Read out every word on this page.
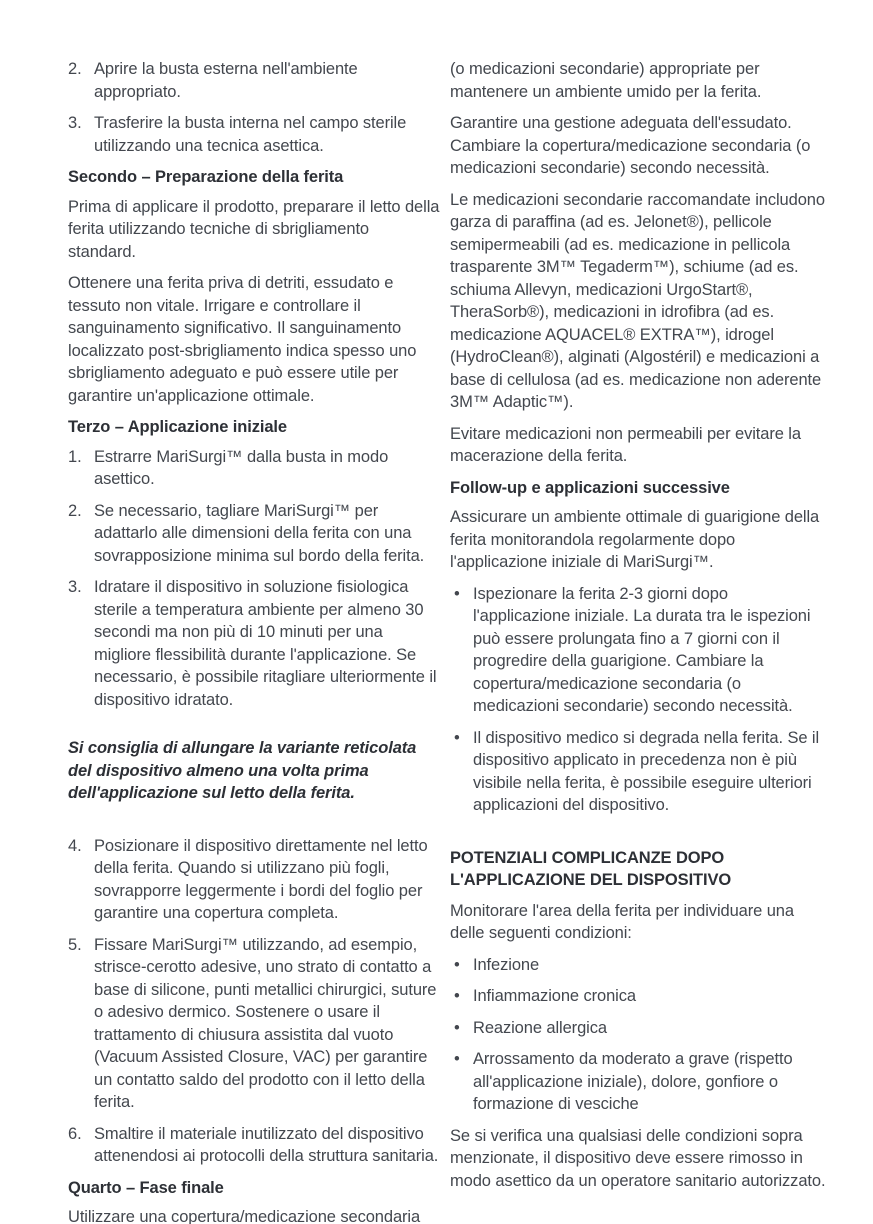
2. Aprire la busta esterna nell'ambiente appropriato.
3. Trasferire la busta interna nel campo sterile utilizzando una tecnica asettica.
Secondo – Preparazione della ferita

Prima di applicare il prodotto, preparare il letto della ferita utilizzando tecniche di sbrigliamento standard.

Ottenere una ferita priva di detriti, essudato e tessuto non vitale. Irrigare e controllare il sanguinamento significativo. Il sanguinamento localizzato post-sbrigliamento indica spesso uno sbrigliamento adeguato e può essere utile per garantire un'applicazione ottimale.

Terzo – Applicazione iniziale
1. Estrarre MariSurgi™ dalla busta in modo asettico.
2. Se necessario, tagliare MariSurgi™ per adattarlo alle dimensioni della ferita con una sovrapposizione minima sul bordo della ferita.
3. Idratare il dispositivo in soluzione fisiologica sterile a temperatura ambiente per almeno 30 secondi ma non più di 10 minuti per una migliore flessibilità durante l'applicazione. Se necessario, è possibile ritagliare ulteriormente il dispositivo idratato.

Si consiglia di allungare la variante reticolata del dispositivo almeno una volta prima dell'applicazione sul letto della ferita.

4. Posizionare il dispositivo direttamente nel letto della ferita. Quando si utilizzano più fogli, sovrapporre leggermente i bordi del foglio per garantire una copertura completa.
5. Fissare MariSurgi™ utilizzando, ad esempio, strisce-cerotto adesive, uno strato di contatto a base di silicone, punti metallici chirurgici, suture o adesivo dermico. Sostenere o usare il trattamento di chiusura assistita dal vuoto (Vacuum Assisted Closure, VAC) per garantire un contatto saldo del prodotto con il letto della ferita.
6. Smaltire il materiale inutilizzato del dispositivo attenendosi ai protocolli della struttura sanitaria.
Quarto – Fase finale

Utilizzare una copertura/medicazione secondaria

(o medicazioni secondarie) appropriate per mantenere un ambiente umido per la ferita.

Garantire una gestione adeguata dell'essudato. Cambiare la copertura/medicazione secondaria (o medicazioni secondarie) secondo necessità.

Le medicazioni secondarie raccomandate includono garza di paraffina (ad es. Jelonet®), pellicole semipermeabili (ad es. medicazione in pellicola trasparente 3M™ Tegaderm™), schiume (ad es. schiuma Allevyn, medicazioni UrgoStart®, TheraSorb®), medicazioni in idrofibra (ad es. medicazione AQUACEL® EXTRA™), idrogel (HydroClean®), alginati (Algostéril) e medicazioni a base di cellulosa (ad es. medicazione non aderente 3M™ Adaptic™).

Evitare medicazioni non permeabili per evitare la macerazione della ferita.

Follow-up e applicazioni successive

Assicurare un ambiente ottimale di guarigione della ferita monitorandola regolarmente dopo l'applicazione iniziale di MariSurgi™.

• Ispezionare la ferita 2-3 giorni dopo l'applicazione iniziale. La durata tra le ispezioni può essere prolungata fino a 7 giorni con il progredire della guarigione. Cambiare la copertura/medicazione secondaria (o medicazioni secondarie) secondo necessità.
• Il dispositivo medico si degrada nella ferita. Se il dispositivo applicato in precedenza non è più visibile nella ferita, è possibile eseguire ulteriori applicazioni del dispositivo.
POTENZIALI COMPLICANZE DOPO L'APPLICAZIONE DEL DISPOSITIVO

Monitorare l'area della ferita per individuare una delle seguenti condizioni:

• Infezione
• Infiammazione cronica
• Reazione allergica
• Arrossamento da moderato a grave (rispetto all'applicazione iniziale), dolore, gonfiore o formazione di vesciche

Se si verifica una qualsiasi delle condizioni sopra menzionate, il dispositivo deve essere rimosso in modo asettico da un operatore sanitario autorizzato.
